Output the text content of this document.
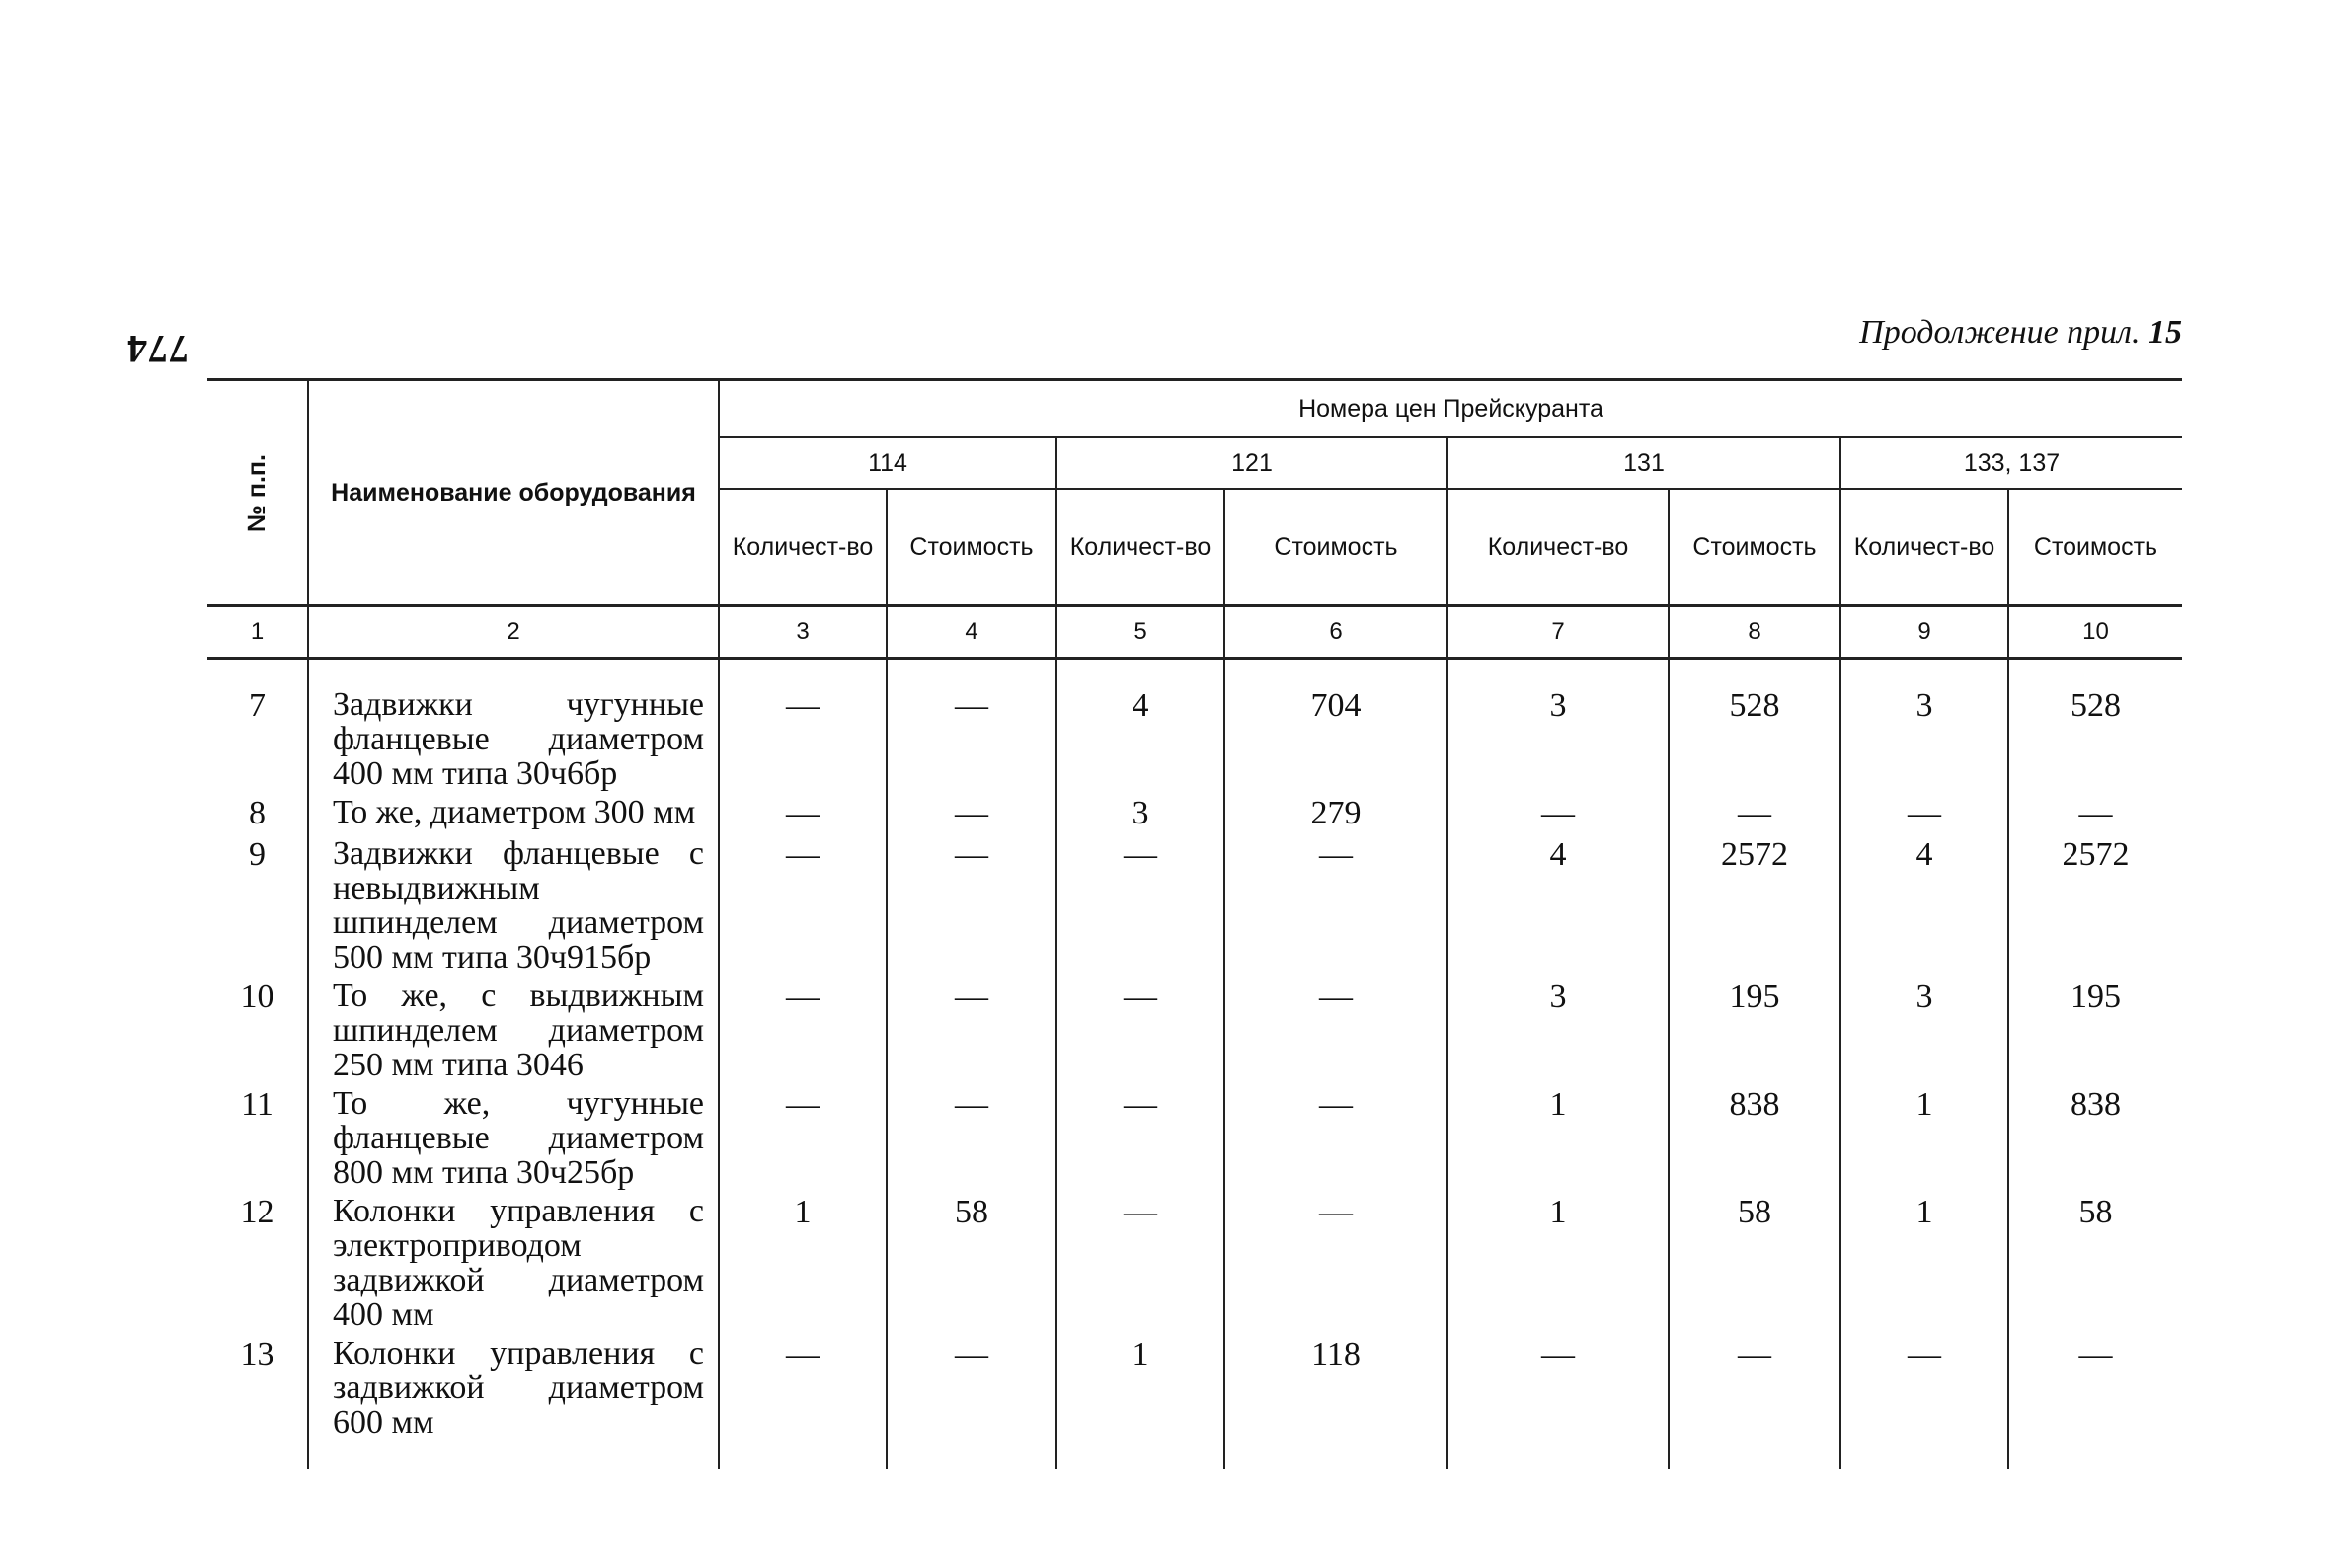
774	Продолжение прил. 15
№ п.п.	Наименование оборудования	Номера цен Прейскуранта							
		114		121		131		133, 137	
		Количест-во	Стоимость	Количест-во	Стоимость	Количест-во	Стоимость	Количест-во	Стоимость
1	2	3	4	5	6	7	8	9	10

7	Задвижки чугунные фланцевые диаметром 400 мм типа 30ч6бр	—	—	4	704	3	528	3	528
8	То же, диаметром 300 мм	—	—	3	279	—	—	—	—
9	Задвижки фланцевые с невыдвижным шпинделем диаметром 500 мм типа 30ч915бр	—	—	—	—	4	2572	4	2572
10	То же, с выдвижным шпинделем диаметром 250 мм типа 3046	—	—	—	—	3	195	3	195
11	То же, чугунные фланцевые диаметром 800 мм типа 30ч25бр	—	—	—	—	1	838	1	838
12	Колонки управления с электроприводом задвижкой диаметром 400 мм	1	58	—	—	1	58	1	58
13	Колонки управления с задвижкой диаметром 600 мм	—	—	1	118	—	—	—	—
